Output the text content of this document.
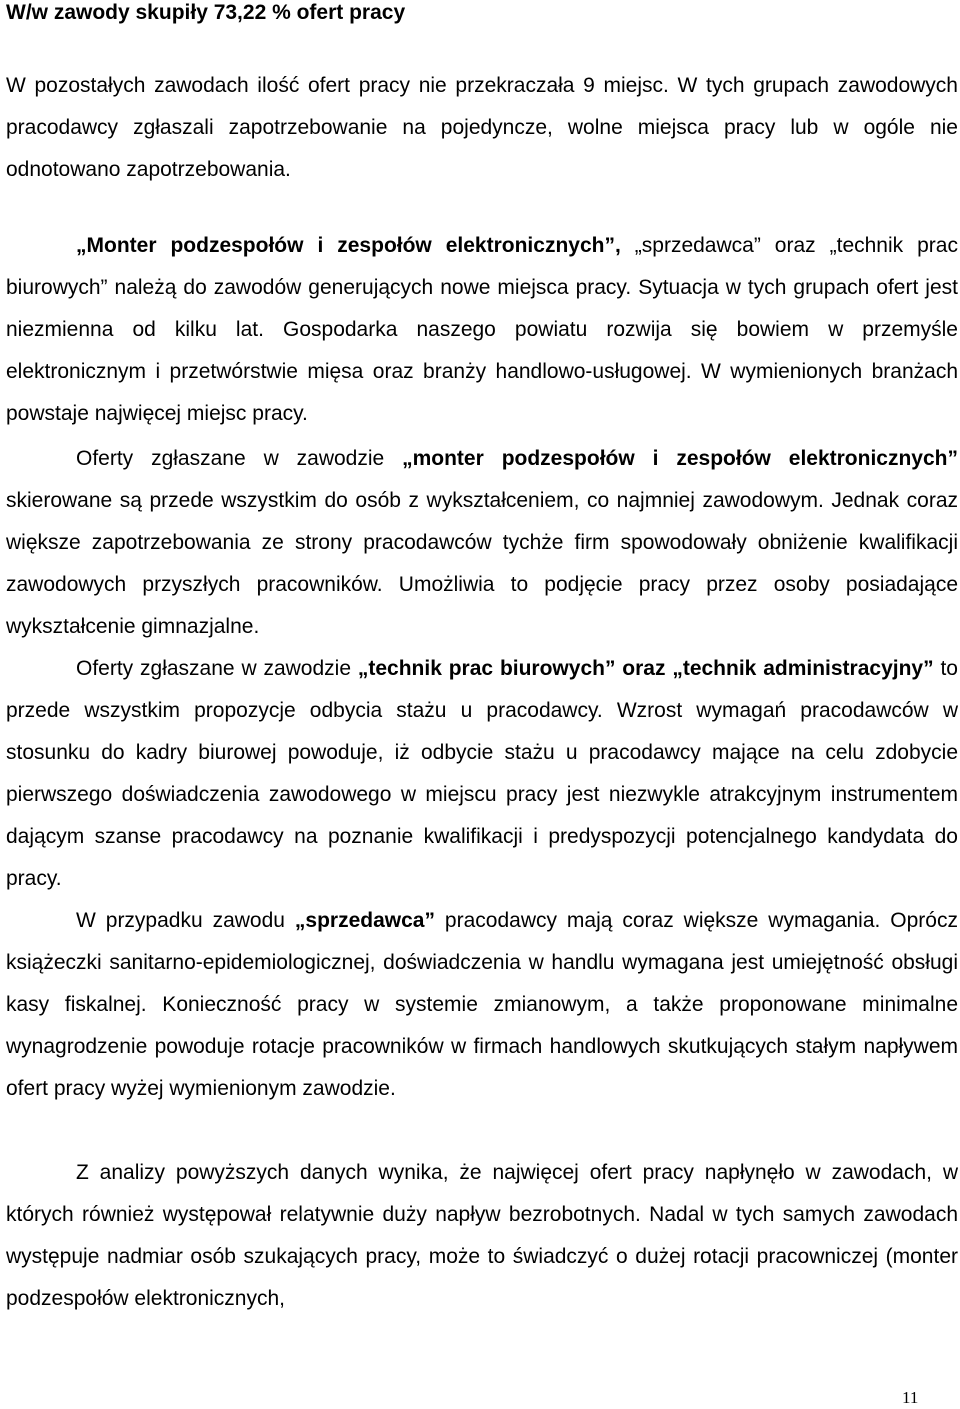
W/w zawody skupiły 73,22 % ofert pracy

W pozostałych zawodach ilość ofert pracy nie przekraczała 9 miejsc. W tych grupach zawodowych pracodawcy zgłaszali zapotrzebowanie na pojedyncze, wolne miejsca pracy lub w ogóle nie odnotowano zapotrzebowania.

„Monter podzespołów i zespołów elektronicznych”, „sprzedawca” oraz „technik prac biurowych” należą do zawodów generujących nowe miejsca pracy. Sytuacja w tych grupach ofert jest niezmienna od kilku lat. Gospodarka naszego powiatu rozwija się bowiem w przemyśle elektronicznym i przetwórstwie mięsa oraz branży handlowo-usługowej. W wymienionych branżach powstaje najwięcej miejsc pracy.

Oferty zgłaszane w zawodzie „monter podzespołów i zespołów elektronicznych” skierowane są przede wszystkim do osób z wykształceniem, co najmniej zawodowym. Jednak coraz większe zapotrzebowania ze strony pracodawców tychże firm spowodowały obniżenie kwalifikacji zawodowych przyszłych pracowników. Umożliwia to podjęcie pracy przez osoby posiadające wykształcenie gimnazjalne.

Oferty zgłaszane w zawodzie „technik prac biurowych” oraz „technik administracyjny” to przede wszystkim propozycje odbycia stażu u pracodawcy. Wzrost wymagań pracodawców w stosunku do kadry biurowej powoduje, iż odbycie stażu u pracodawcy mające na celu zdobycie pierwszego doświadczenia zawodowego w miejscu pracy jest niezwykle atrakcyjnym instrumentem dającym szanse pracodawcy na poznanie kwalifikacji i predyspozycji potencjalnego kandydata do pracy.

W przypadku zawodu „sprzedawca” pracodawcy mają coraz większe wymagania. Oprócz książeczki sanitarno-epidemiologicznej, doświadczenia w handlu wymagana jest umiejętność obsługi kasy fiskalnej. Konieczność pracy w systemie zmianowym, a także proponowane minimalne wynagrodzenie powoduje rotacje pracowników w firmach handlowych skutkujących stałym napływem ofert pracy wyżej wymienionym zawodzie.

Z analizy powyższych danych wynika, że najwięcej ofert pracy napłynęło w zawodach, w których również występował relatywnie duży napływ bezrobotnych. Nadal w tych samych zawodach występuje nadmiar osób szukających pracy, może to świadczyć o dużej rotacji pracowniczej (monter podzespołów elektronicznych,

11
